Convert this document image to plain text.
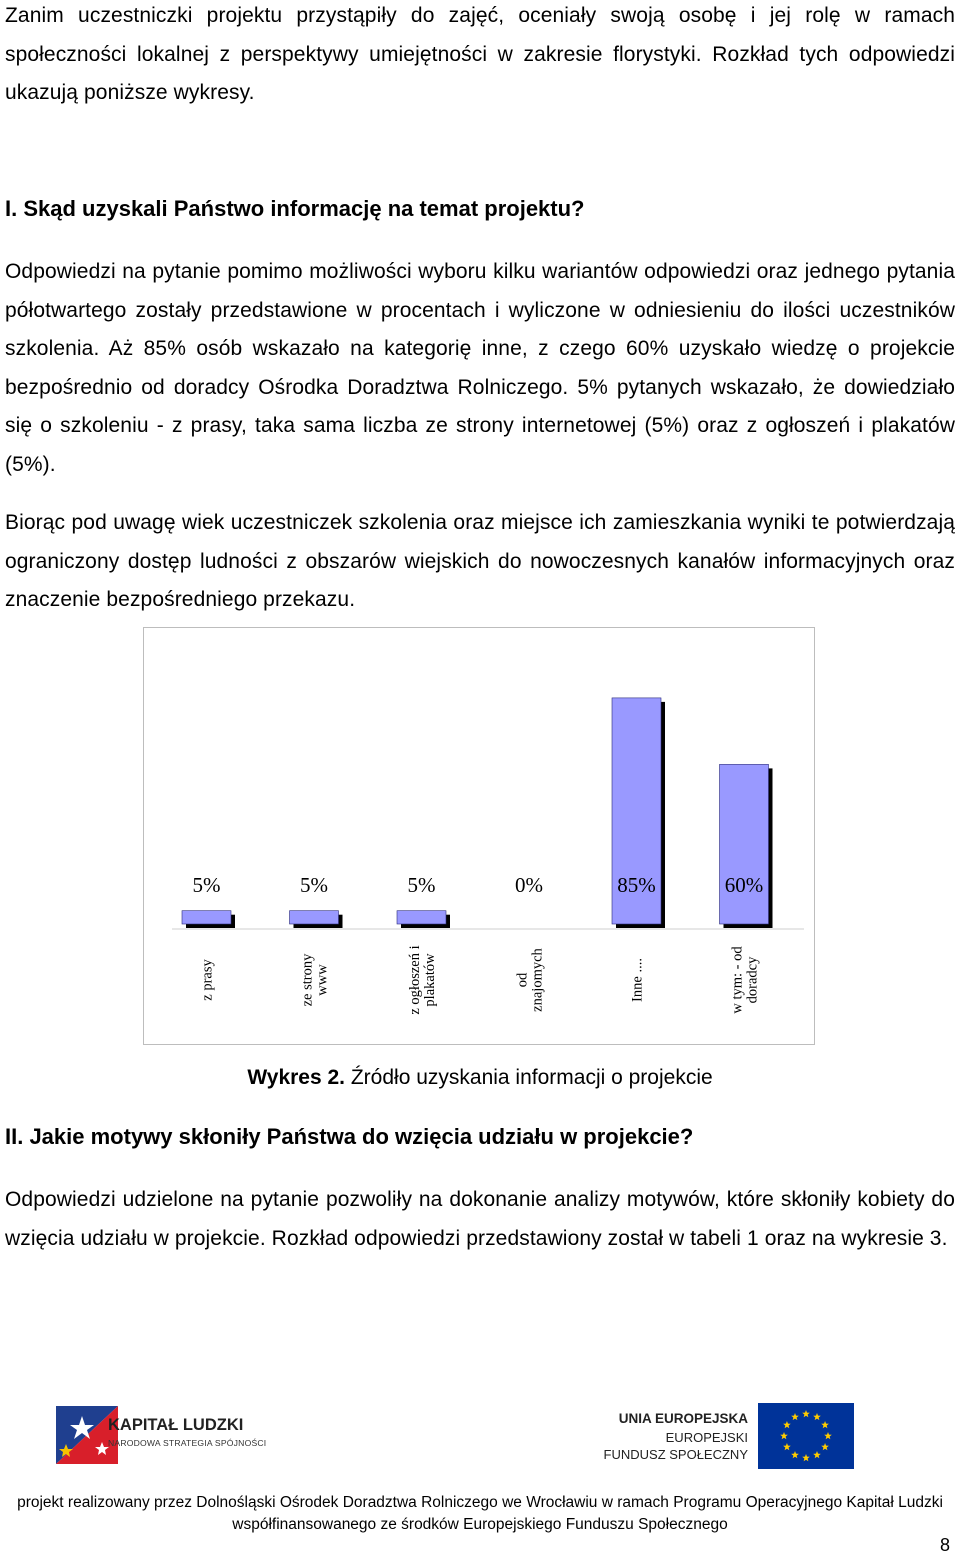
Zanim uczestniczki projektu przystąpiły do zajęć, oceniały swoją osobę i jej rolę w ramach społeczności lokalnej z perspektywy umiejętności w zakresie florystyki. Rozkład tych odpowiedzi ukazują poniższe wykresy.

I. Skąd uzyskali Państwo informację na temat projektu?

Odpowiedzi na pytanie pomimo możliwości wyboru kilku wariantów odpowiedzi oraz jednego pytania półotwartego zostały przedstawione w procentach i wyliczone w odniesieniu do ilości uczestników szkolenia. Aż 85% osób wskazało na kategorię inne, z czego 60% uzyskało wiedzę o projekcie bezpośrednio od doradcy Ośrodka Doradztwa Rolniczego. 5% pytanych wskazało, że dowiedziało się o szkoleniu - z prasy, taka sama liczba ze strony internetowej (5%) oraz z ogłoszeń i plakatów (5%).

Biorąc pod uwagę wiek uczestniczek szkolenia oraz miejsce ich zamieszkania wyniki te potwierdzają ograniczony dostęp ludności z obszarów wiejskich do nowoczesnych kanałów informacyjnych oraz znaczenie bezpośredniego przekazu.

5%
z prasy
5%
ze strony www
5%
z ogłoszeń i plakatów
0%
od znajomych
85%
Inne ....
60%
w tym: - od doradcy
Wykres 2. Źródło uzyskania informacji o projekcie
II. Jakie motywy skłoniły Państwa do wzięcia udziału w projekcie?

Odpowiedzi udzielone na pytanie pozwoliły na dokonanie analizy motywów, które skłoniły kobiety do wzięcia udziału w projekcie. Rozkład odpowiedzi przedstawiony został w tabeli 1 oraz na wykresie 3.

KAPITAŁ LUDZKI
NARODOWA STRATEGIA SPÓJNOŚCI
UNIA EUROPEJSKA
EUROPEJSKI
FUNDUSZ SPOŁECZNY
projekt realizowany przez Dolnośląski Ośrodek Doradztwa Rolniczego we Wrocławiu w ramach Programu Operacyjnego Kapitał Ludzki
współfinansowanego ze środków Europejskiego Funduszu Społecznego
8
